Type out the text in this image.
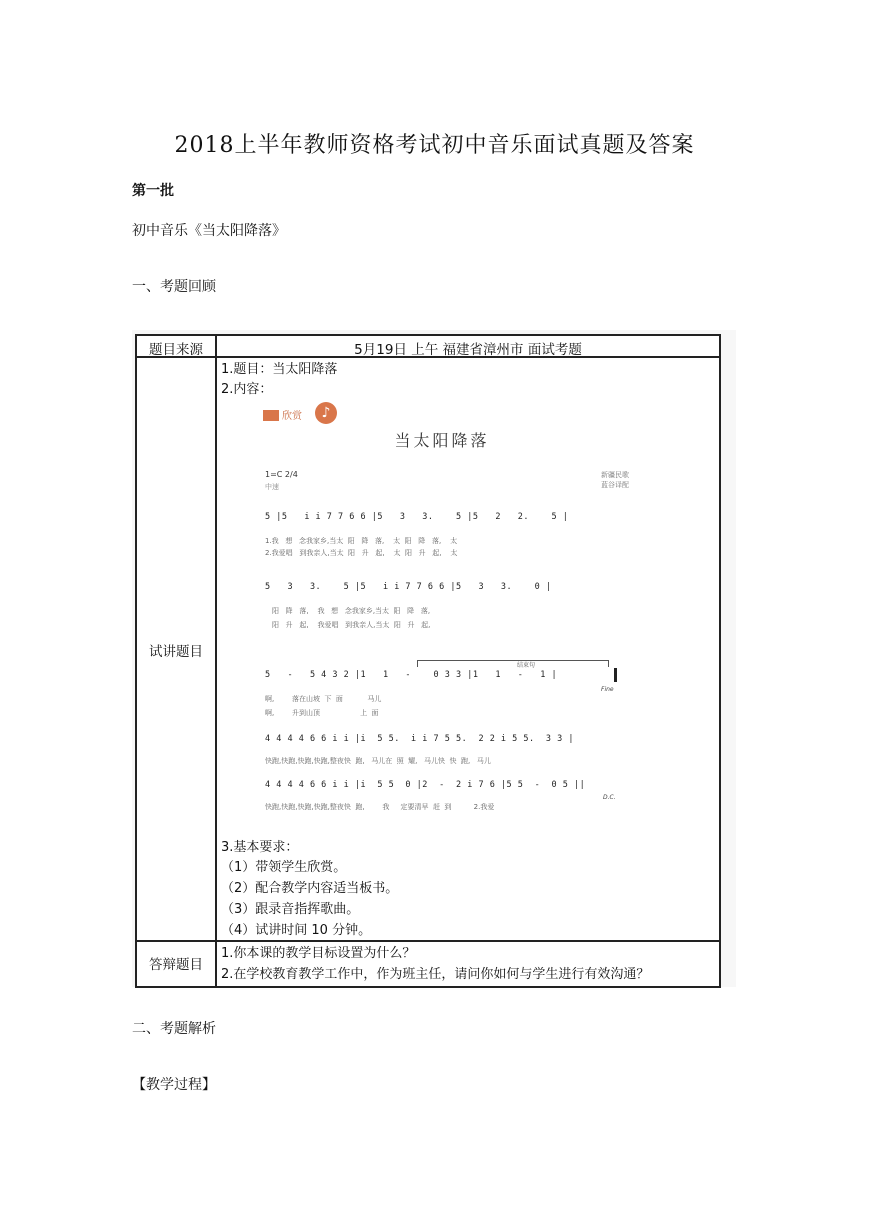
2018上半年教师资格考试初中音乐面试真题及答案
第一批
初中音乐《当太阳降落》
一、考题回顾
题目来源	5月19日 上午 福建省漳州市 面试考题
试讲题目
1.题目：当太阳降落
2.内容：
欣赏	♪
当太阳降落
1=C 2/4
中速
新疆民歌
蓝谷译配
5 |5   i i 7 7 6 6 |5   3   3.    5 |5   2   2.    5 |
1.我   想   念我家乡,当太  阳   降   落,    太  阳   降   落,    太
2.我爱唱   到我亲人,当太  阳   升   起,    太  阳   升   起,    太
5   3   3.    5 |5   i i 7 7 6 6 |5   3   3.    0 |
阳   降   落,    我   想   念我家乡,当太  阳   降   落,
阳   升   起,    我爱唱   到我亲人,当太  阳   升   起,
结束句
5   -   5 4 3 2 |1   1   -    0 3 3 |1   1   -   1 |
Fine
啊,        落在山坡  下  面           马儿
啊,        升到山顶                  上  面
4 4 4 4 6 6 i i |i  5 5.  i i 7 5 5.  2 2 i 5 5.  3 3 |
快跑,快跑,快跑,快跑,整夜快  跑,   马儿在  照  耀,   马儿快  快  跑,   马儿
4 4 4 4 6 6 i i |i  5 5  0 |2  -  2 i 7 6 |5 5  -  0 5 ||
D.C.
快跑,快跑,快跑,快跑,整夜快  跑,        我     定要清早  赶  到          2.我爱
3.基本要求：
（1）带领学生欣赏。
（2）配合教学内容适当板书。
（3）跟录音指挥歌曲。
（4）试讲时间 10 分钟。
答辩题目
1.你本课的教学目标设置为什么？
2.在学校教育教学工作中，作为班主任，请问你如何与学生进行有效沟通？
二、考题解析
【教学过程】
